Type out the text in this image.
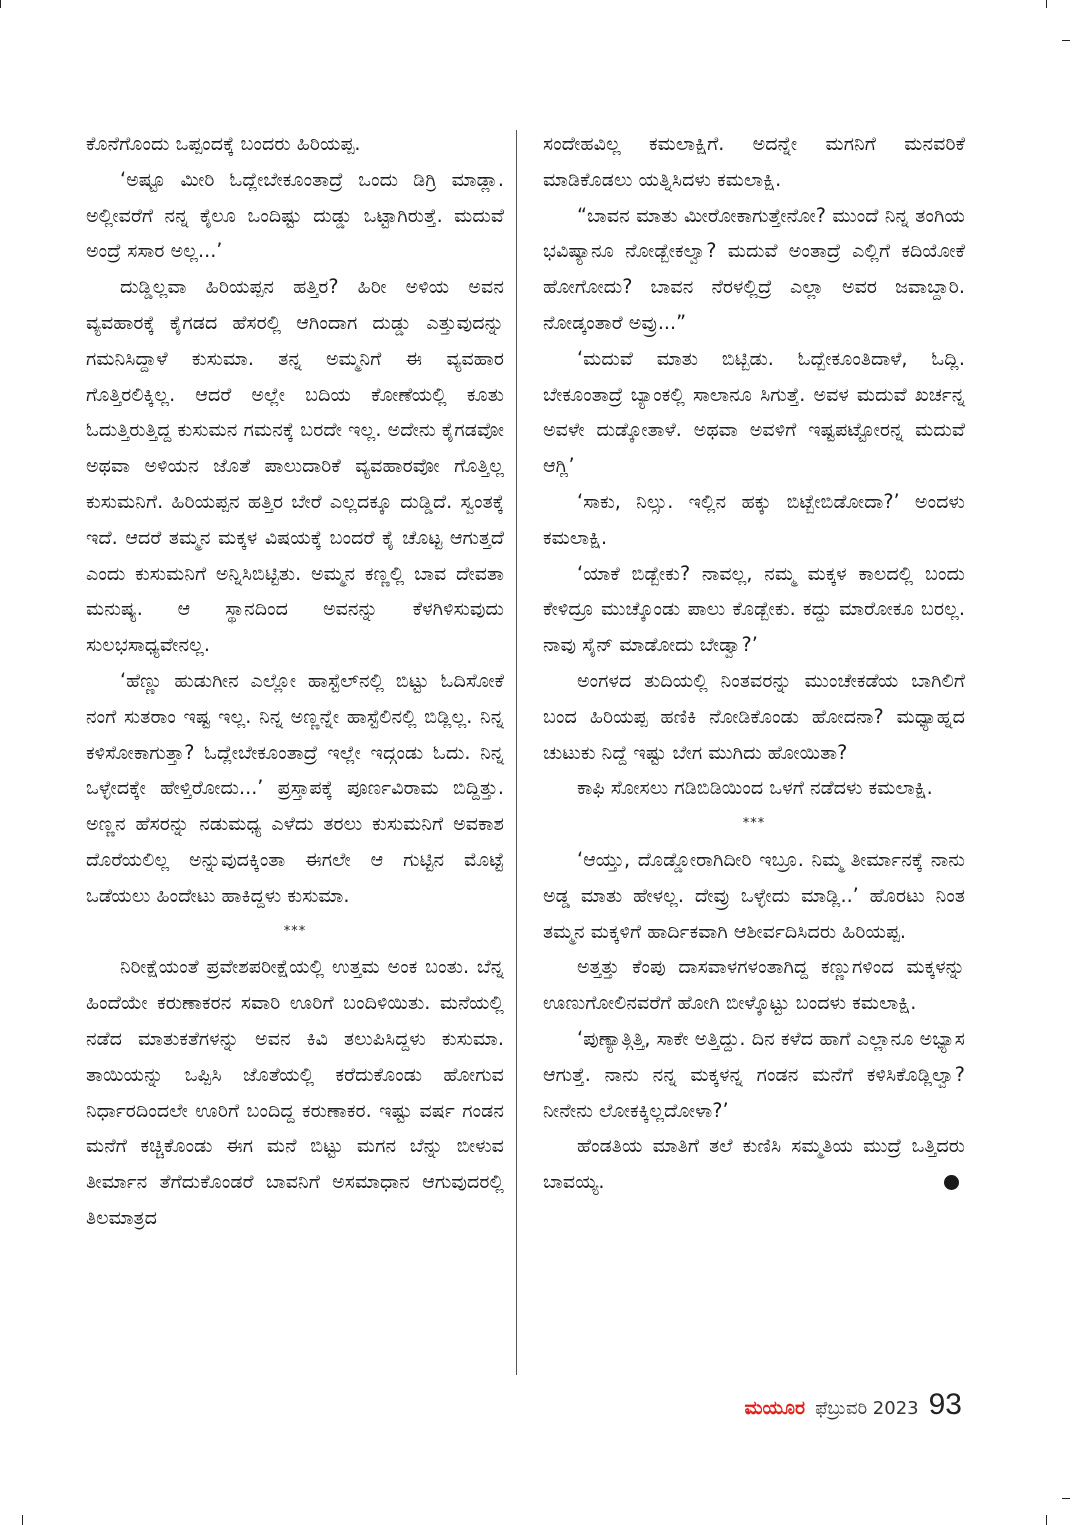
ಕೊನೆಗೊಂದು ಒಪ್ಪಂದಕ್ಕೆ ಬಂದರು ಹಿರಿಯಪ್ಪ.

‘ಅಷ್ಟೂ ಮೀರಿ ಓದ್ಲೇಬೇಕೂಂತಾದ್ರೆ ಒಂದು ಡಿಗ್ರಿ ಮಾಡ್ಲಾ. ಅಲ್ಲೀವರೆಗೆ ನನ್ನ ಕೈಲೂ ಒಂದಿಷ್ಟು ದುಡ್ಡು ಒಟ್ಟಾಗಿರುತ್ತೆ. ಮದುವೆ ಅಂದ್ರೆ ಸಸಾರ ಅಲ್ಲ...’

ದುಡ್ಡಿಲ್ಲವಾ ಹಿರಿಯಪ್ಪನ ಹತ್ತಿರ? ಹಿರೀ ಅಳಿಯ ಅವನ ವ್ಯವಹಾರಕ್ಕೆ ಕೈಗಡದ ಹೆಸರಲ್ಲಿ ಆಗಿಂದಾಗ ದುಡ್ಡು ಎತ್ತುವುದನ್ನು ಗಮನಿಸಿದ್ದಾಳೆ ಕುಸುಮಾ. ತನ್ನ ಅಮ್ಮನಿಗೆ ಈ ವ್ಯವಹಾರ ಗೊತ್ತಿರಲಿಕ್ಕಿಲ್ಲ. ಆದರೆ ಅಲ್ಲೇ ಬದಿಯ ಕೋಣೆಯಲ್ಲಿ ಕೂತು ಓದುತ್ತಿರುತ್ತಿದ್ದ ಕುಸುಮನ ಗಮನಕ್ಕೆ ಬರದೇ ಇಲ್ಲ. ಅದೇನು ಕೈಗಡವೋ ಅಥವಾ ಅಳಿಯನ ಜೊತೆ ಪಾಲುದಾರಿಕೆ ವ್ಯವಹಾರವೋ ಗೊತ್ತಿಲ್ಲ ಕುಸುಮನಿಗೆ. ಹಿರಿಯಪ್ಪನ ಹತ್ತಿರ ಬೇರೆ ಎಲ್ಲದಕ್ಕೂ ದುಡ್ಡಿದೆ. ಸ್ವಂತಕ್ಕೆ ಇದೆ. ಆದರೆ ತಮ್ಮನ ಮಕ್ಕಳ ವಿಷಯಕ್ಕೆ ಬಂದರೆ ಕೈ ಚೊಟ್ಟ ಆಗುತ್ತದೆ ಎಂದು ಕುಸುಮನಿಗೆ ಅನ್ನಿಸಿಬಿಟ್ಟಿತು. ಅಮ್ಮನ ಕಣ್ಣಲ್ಲಿ ಬಾವ ದೇವತಾ ಮನುಷ್ಯ. ಆ ಸ್ಥಾನದಿಂದ ಅವನನ್ನು ಕೆಳಗಿಳಿಸುವುದು ಸುಲಭಸಾಧ್ಯವೇನಲ್ಲ.

‘ಹೆಣ್ಣು ಹುಡುಗೀನ ಎಲ್ಲೋ ಹಾಸ್ಟೆಲ್‌ನಲ್ಲಿ ಬಿಟ್ಟು ಓದಿಸೋಕೆ ನಂಗೆ ಸುತರಾಂ ಇಷ್ಟ ಇಲ್ಲ. ನಿನ್ನ ಅಣ್ಣನ್ನೇ ಹಾಸ್ಟೆಲಿನಲ್ಲಿ ಬಿಡ್ಲಿಲ್ಲ. ನಿನ್ನ ಕಳಿಸೋಕಾಗುತ್ತಾ? ಓದ್ಲೇಬೇಕೂಂತಾದ್ರೆ ಇಲ್ಲೇ ಇದ್ಗಂಡು ಓದು. ನಿನ್ನ ಒಳ್ಳೇದಕ್ಕೇ ಹೇಳ್ತಿರೋದು...’ ಪ್ರಸ್ತಾಪಕ್ಕೆ ಪೂರ್ಣವಿರಾಮ ಬಿದ್ದಿತ್ತು. ಅಣ್ಣನ ಹೆಸರನ್ನು ನಡುಮಧ್ಯ ಎಳೆದು ತರಲು ಕುಸುಮನಿಗೆ ಅವಕಾಶ ದೊರೆಯಲಿಲ್ಲ ಅನ್ನುವುದಕ್ಕಿಂತಾ ಈಗಲೇ ಆ ಗುಟ್ಟಿನ ಮೊಟ್ಟೆ ಒಡೆಯಲು ಹಿಂದೇಟು ಹಾಕಿದ್ದಳು ಕುಸುಮಾ.

***

ನಿರೀಕ್ಷೆಯಂತೆ ಪ್ರವೇಶಪರೀಕ್ಷೆಯಲ್ಲಿ ಉತ್ತಮ ಅಂಕ ಬಂತು. ಬೆನ್ನ ಹಿಂದೆಯೇ ಕರುಣಾಕರನ ಸವಾರಿ ಊರಿಗೆ ಬಂದಿಳಿಯಿತು. ಮನೆಯಲ್ಲಿ ನಡೆದ ಮಾತುಕತೆಗಳನ್ನು ಅವನ ಕಿವಿ ತಲುಪಿಸಿದ್ದಳು ಕುಸುಮಾ. ತಾಯಿಯನ್ನು ಒಪ್ಪಿಸಿ ಜೊತೆಯಲ್ಲಿ ಕರೆದುಕೊಂಡು ಹೋಗುವ ನಿರ್ಧಾರದಿಂದಲೇ ಊರಿಗೆ ಬಂದಿದ್ದ ಕರುಣಾಕರ. ಇಷ್ಟು ವರ್ಷ ಗಂಡನ ಮನೆಗೆ ಕಚ್ಚಿಕೊಂಡು ಈಗ ಮನೆ ಬಿಟ್ಟು ಮಗನ ಬೆನ್ನು ಬೀಳುವ ತೀರ್ಮಾನ ತೆಗೆದುಕೊಂಡರೆ ಬಾವನಿಗೆ ಅಸಮಾಧಾನ ಆಗುವುದರಲ್ಲಿ ತಿಲಮಾತ್ರದ

ಸಂದೇಹವಿಲ್ಲ ಕಮಲಾಕ್ಷಿಗೆ. ಅದನ್ನೇ ಮಗನಿಗೆ ಮನವರಿಕೆ ಮಾಡಿಕೊಡಲು ಯತ್ನಿಸಿದಳು ಕಮಲಾಕ್ಷಿ.

“ಬಾವನ ಮಾತು ಮೀರೋಕಾಗುತ್ತೇನೋ? ಮುಂದೆ ನಿನ್ನ ತಂಗಿಯ ಭವಿಷ್ಯಾನೂ ನೋಡ್ಬೇಕಲ್ವಾ? ಮದುವೆ ಅಂತಾದ್ರೆ ಎಲ್ಲಿಗೆ ಕದಿಯೋಕೆ ಹೋಗೋದು? ಬಾವನ ನೆರಳಲ್ಲಿದ್ರೆ ಎಲ್ಲಾ ಅವರ ಜವಾಬ್ದಾರಿ. ನೋಡ್ಕಂತಾರೆ ಅವ್ರು...”

‘ಮದುವೆ ಮಾತು ಬಿಟ್ಬಿಡು. ಓದ್ಬೇಕೂಂತಿದಾಳೆ, ಓದ್ಲಿ. ಬೇಕೂಂತಾದ್ರೆ ಬ್ಯಾಂಕಲ್ಲಿ ಸಾಲಾನೂ ಸಿಗುತ್ತೆ. ಅವಳ ಮದುವೆ ಖರ್ಚನ್ನ ಅವಳೇ ದುಡ್ಕೋತಾಳೆ. ಅಥವಾ ಅವಳಿಗೆ ಇಷ್ಟಪಟ್ಟೋರನ್ನ ಮದುವೆ ಆಗ್ಲಿ’

‘ಸಾಕು, ನಿಲ್ಸು. ಇಲ್ಲಿನ ಹಕ್ಕು ಬಿಟ್ಬೇಬಿಡೋದಾ?’ ಅಂದಳು ಕಮಲಾಕ್ಷಿ.

‘ಯಾಕೆ ಬಿಡ್ಬೇಕು? ನಾವಲ್ಲ, ನಮ್ಮ ಮಕ್ಕಳ ಕಾಲದಲ್ಲಿ ಬಂದು ಕೇಳಿದ್ರೂ ಮುಚ್ಕೊಂಡು ಪಾಲು ಕೊಡ್ಬೇಕು. ಕದ್ದು ಮಾರೋಕೂ ಬರಲ್ಲ. ನಾವು ಸೈನ್ ಮಾಡೋದು ಬೇಡ್ವಾ?’

ಅಂಗಳದ ತುದಿಯಲ್ಲಿ ನಿಂತವರನ್ನು ಮುಂಚೇಕಡೆಯ ಬಾಗಿಲಿಗೆ ಬಂದ ಹಿರಿಯಪ್ಪ ಹಣಿಕಿ ನೋಡಿಕೊಂಡು ಹೋದನಾ? ಮಧ್ಯಾಹ್ನದ ಚುಟುಕು ನಿದ್ದೆ ಇಷ್ಟು ಬೇಗ ಮುಗಿದು ಹೋಯಿತಾ?

ಕಾಫಿ ಸೋಸಲು ಗಡಿಬಿಡಿಯಿಂದ ಒಳಗೆ ನಡೆದಳು ಕಮಲಾಕ್ಷಿ.

***

‘ಆಯ್ತು, ದೊಡ್ಡೋರಾಗಿದೀರಿ ಇಬ್ರೂ. ನಿಮ್ಮ ತೀರ್ಮಾನಕ್ಕೆ ನಾನು ಅಡ್ಡ ಮಾತು ಹೇಳಲ್ಲ. ದೇವ್ರು ಒಳ್ಳೇದು ಮಾಡ್ಲಿ..’ ಹೊರಟು ನಿಂತ ತಮ್ಮನ ಮಕ್ಕಳಿಗೆ ಹಾರ್ದಿಕವಾಗಿ ಆಶೀರ್ವದಿಸಿದರು ಹಿರಿಯಪ್ಪ.

ಅತ್ತತ್ತು ಕೆಂಪು ದಾಸವಾಳಗಳಂತಾಗಿದ್ದ ಕಣ್ಣುಗಳಿಂದ ಮಕ್ಕಳನ್ನು ಊಣುಗೋಲಿನವರೆಗೆ ಹೋಗಿ ಬೀಳ್ಕೊಟ್ಟು ಬಂದಳು ಕಮಲಾಕ್ಷಿ.

‘ಪುಣ್ಯಾತ್ಗಿತ್ತಿ, ಸಾಕೇ ಅತ್ತಿದ್ದು. ದಿನ ಕಳೆದ ಹಾಗೆ ಎಲ್ಲಾನೂ ಅಭ್ಯಾಸ ಆಗುತ್ತೆ. ನಾನು ನನ್ನ ಮಕ್ಕಳನ್ನ ಗಂಡನ ಮನೆಗೆ ಕಳಿಸಿಕೊಡ್ಲಿಲ್ವಾ? ನೀನೇನು ಲೋಕಕ್ಕಿಲ್ಲದೋಳಾ?’

ಹೆಂಡತಿಯ ಮಾತಿಗೆ ತಲೆ ಕುಣಿಸಿ ಸಮ್ಮತಿಯ ಮುದ್ರೆ ಒತ್ತಿದರು ಬಾವಯ್ಯ.

ಮಯೂರ ಫೆಬ್ರುವರಿ 2023 93
